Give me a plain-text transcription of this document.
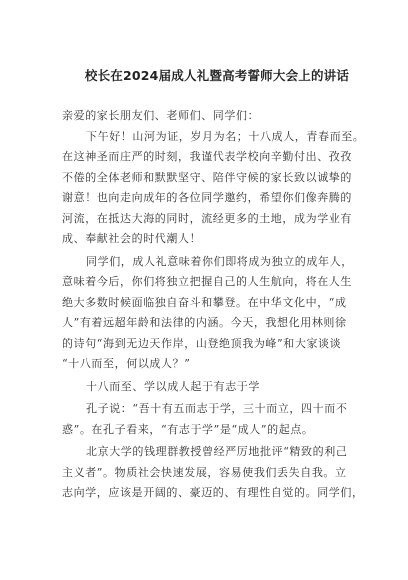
校长在2024届成人礼暨高考誓师大会上的讲话
亲爱的家长朋友们、老师们、同学们：
下午好！山河为证，岁月为名；十八成人，青春而至。
在这神圣而庄严的时刻，我谨代表学校向辛勤付出、孜孜
不倦的全体老师和默默坚守、陪伴守候的家长致以诚挚的
谢意！也向走向成年的各位同学邀约，希望你们像奔腾的
河流，在抵达大海的同时，流经更多的土地，成为学业有
成、奉献社会的时代潮人！
同学们，成人礼意味着你们即将成为独立的成年人，
意味着今后，你们将独立把握自己的人生航向，将在人生
绝大多数时候面临独自奋斗和攀登。在中华文化中，“成
人”有着远超年龄和法律的内涵。今天，我想化用林则徐
的诗句“海到无边天作岸，山登绝顶我为峰”和大家谈谈
“十八而至，何以成人？”
十八而至、学以成人起于有志于学
孔子说：“吾十有五而志于学，三十而立，四十而不
惑”。在孔子看来，“有志于学”是“成人”的起点。
北京大学的钱理群教授曾经严厉地批评“精致的利己
主义者”。物质社会快速发展，容易使我们丢失自我。立
志向学，应该是开阔的、豪迈的、有理性自觉的。同学们，
